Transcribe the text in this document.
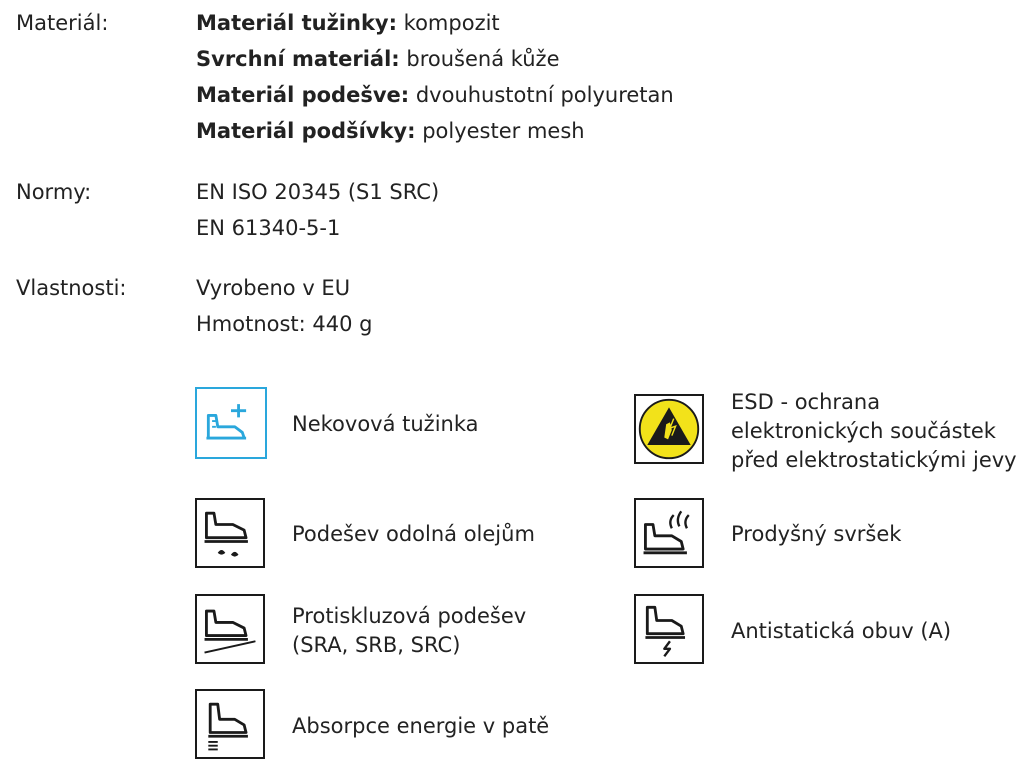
Materiál:	Materiál tužinky: kompozit
Svrchní materiál: broušená kůže
Materiál podešve: dvouhustotní polyuretan
Materiál podšívky: polyester mesh
Normy:	EN ISO 20345 (S1 SRC)
EN 61340-5-1
Vlastnosti:	Vyrobeno v EU
Hmotnost: 440 g
Nekovová tužinka
Podešev odolná olejům
Protiskluzová podešev
(SRA, SRB, SRC)
Absorpce energie v patě
ESD - ochrana
elektronických součástek
před elektrostatickými jevy
Prodyšný svršek
Antistatická obuv (A)
